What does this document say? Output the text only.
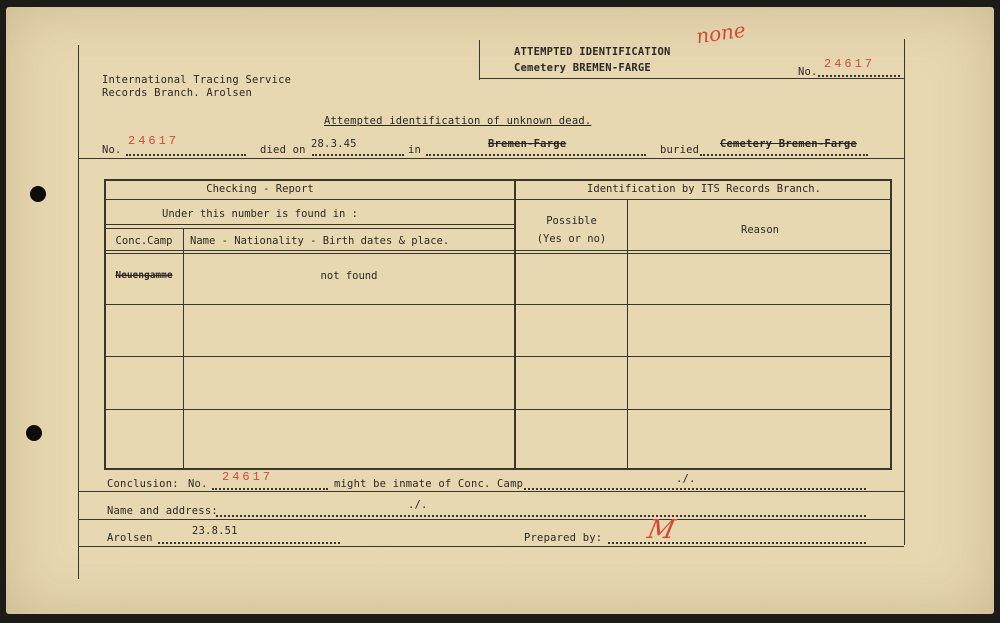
ATTEMPTED IDENTIFICATION
Cemetery BREMEN-FARGE
none
No.
24617
International Tracing Service
Records Branch. Arolsen
Attempted identification of unknown dead.
No.
24617
died on 28.3.45	in	Bremen-Farge	buried Cemetery Bremen-Farge
Checking - Report
Under this number is found in :
Conc.Camp	Name - Nationality - Birth dates & place.
Identification by ITS Records Branch.
Possible
(Yes or no)
Reason
Neuengamme	not found
Conclusion: No. 24617	might be inmate of Conc. Camp	./.
Name and address:	./.
Arolsen
23.8.51
Prepared by: M
